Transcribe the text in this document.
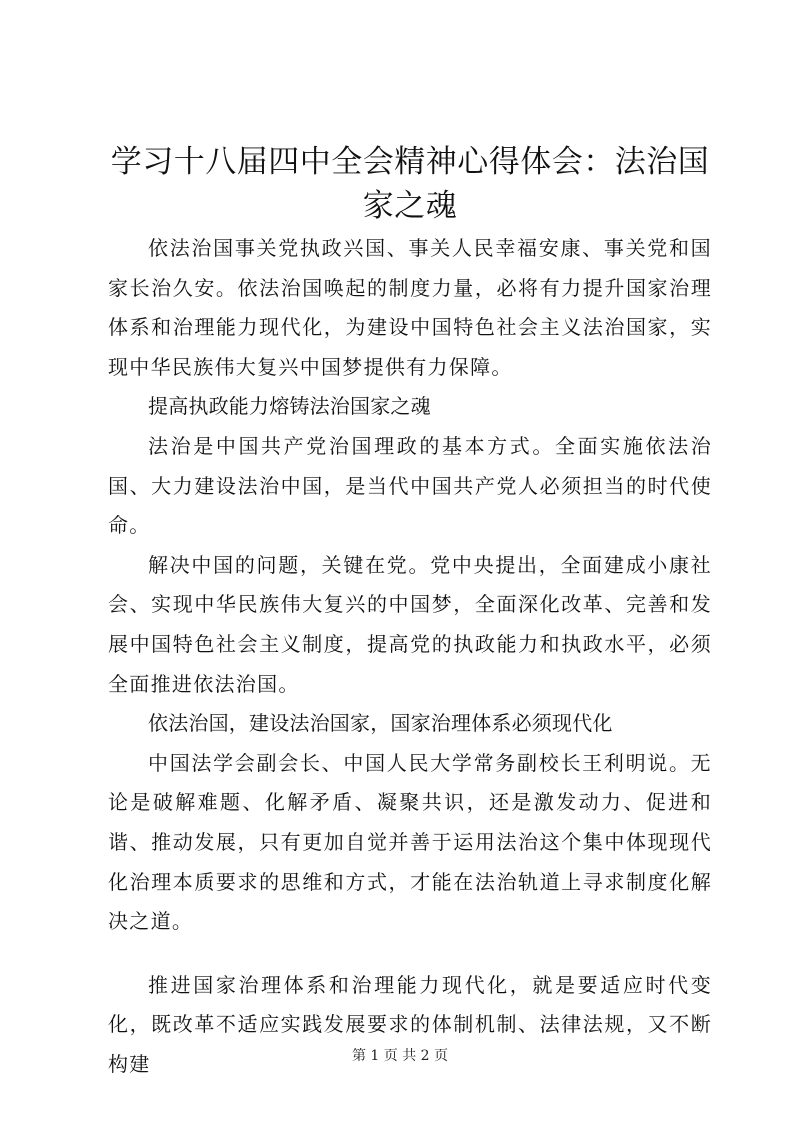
学习十八届四中全会精神心得体会：法治国家之魂

依法治国事关党执政兴国、事关人民幸福安康、事关党和国家长治久安。依法治国唤起的制度力量，必将有力提升国家治理体系和治理能力现代化，为建设中国特色社会主义法治国家，实现中华民族伟大复兴中国梦提供有力保障。

提高执政能力熔铸法治国家之魂

法治是中国共产党治国理政的基本方式。全面实施依法治国、大力建设法治中国，是当代中国共产党人必须担当的时代使命。

解决中国的问题，关键在党。党中央提出，全面建成小康社会、实现中华民族伟大复兴的中国梦，全面深化改革、完善和发展中国特色社会主义制度，提高党的执政能力和执政水平，必须全面推进依法治国。

依法治国，建设法治国家，国家治理体系必须现代化

中国法学会副会长、中国人民大学常务副校长王利明说。无论是破解难题、化解矛盾、凝聚共识，还是激发动力、促进和谐、推动发展，只有更加自觉并善于运用法治这个集中体现现代化治理本质要求的思维和方式，才能在法治轨道上寻求制度化解决之道。

推进国家治理体系和治理能力现代化，就是要适应时代变化，既改革不适应实践发展要求的体制机制、法律法规，又不断构建	第 1 页 共 2 页
